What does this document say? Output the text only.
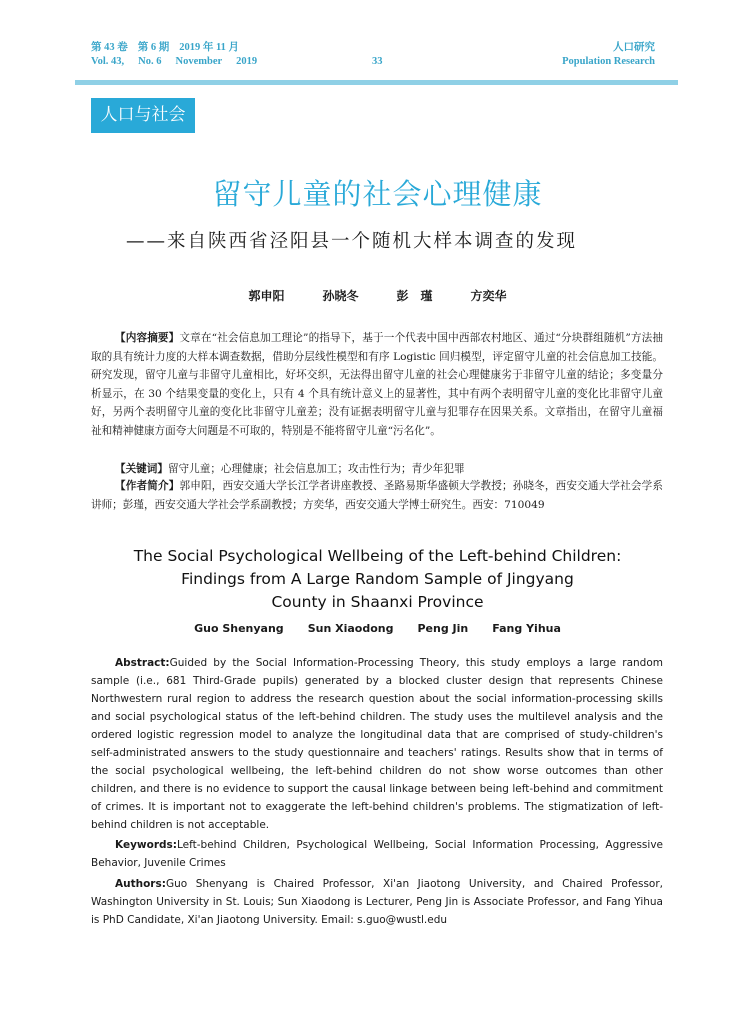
第 43 卷 第 6 期 2019 年 11 月
Vol. 43, No. 6 November 2019	33
人口研究
Population Research
人口与社会
留守儿童的社会心理健康
——来自陕西省泾阳县一个随机大样本调查的发现
郭申阳	孙晓冬	彭　瑾	方奕华
【内容摘要】文章在“社会信息加工理论”的指导下，基于一个代表中国中西部农村地区、通过“分块群组随机”方法抽取的具有统计力度的大样本调查数据，借助分层线性模型和有序 Logistic 回归模型，评定留守儿童的社会信息加工技能。研究发现，留守儿童与非留守儿童相比，好坏交织，无法得出留守儿童的社会心理健康劣于非留守儿童的结论；多变量分析显示，在 30 个结果变量的变化上，只有 4 个具有统计意义上的显著性，其中有两个表明留守儿童的变化比非留守儿童好，另两个表明留守儿童的变化比非留守儿童差；没有证据表明留守儿童与犯罪存在因果关系。文章指出，在留守儿童福祉和精神健康方面夸大问题是不可取的，特别是不能将留守儿童“污名化”。
【关键词】留守儿童；心理健康；社会信息加工；攻击性行为；青少年犯罪
【作者简介】郭申阳，西安交通大学长江学者讲座教授、圣路易斯华盛顿大学教授；孙晓冬，西安交通大学社会学系讲师；彭瑾，西安交通大学社会学系副教授；方奕华，西安交通大学博士研究生。西安：710049
The Social Psychological Wellbeing of the Left-behind Children:
Findings from A Large Random Sample of Jingyang
County in Shaanxi Province
Guo Shenyang Sun Xiaodong Peng Jin Fang Yihua
Abstract:Guided by the Social Information-Processing Theory, this study employs a large random sample (i.e., 681 Third-Grade pupils) generated by a blocked cluster design that represents Chinese Northwestern rural region to address the research question about the social information-processing skills and social psychological status of the left-behind children. The study uses the multilevel analysis and the ordered logistic regression model to analyze the longitudinal data that are comprised of study-children's self-administrated answers to the study questionnaire and teachers' ratings. Results show that in terms of the social psychological wellbeing, the left-behind children do not show worse outcomes than other children, and there is no evidence to support the causal linkage between being left-behind and commitment of crimes. It is important not to exaggerate the left-behind children's problems. The stigmatization of left-behind children is not acceptable.
Keywords:Left-behind Children, Psychological Wellbeing, Social Information Processing, Aggressive Behavior, Juvenile Crimes
Authors:Guo Shenyang is Chaired Professor, Xi'an Jiaotong University, and Chaired Professor, Washington University in St. Louis; Sun Xiaodong is Lecturer, Peng Jin is Associate Professor, and Fang Yihua is PhD Candidate, Xi'an Jiaotong University. Email: s.guo@wustl.edu
